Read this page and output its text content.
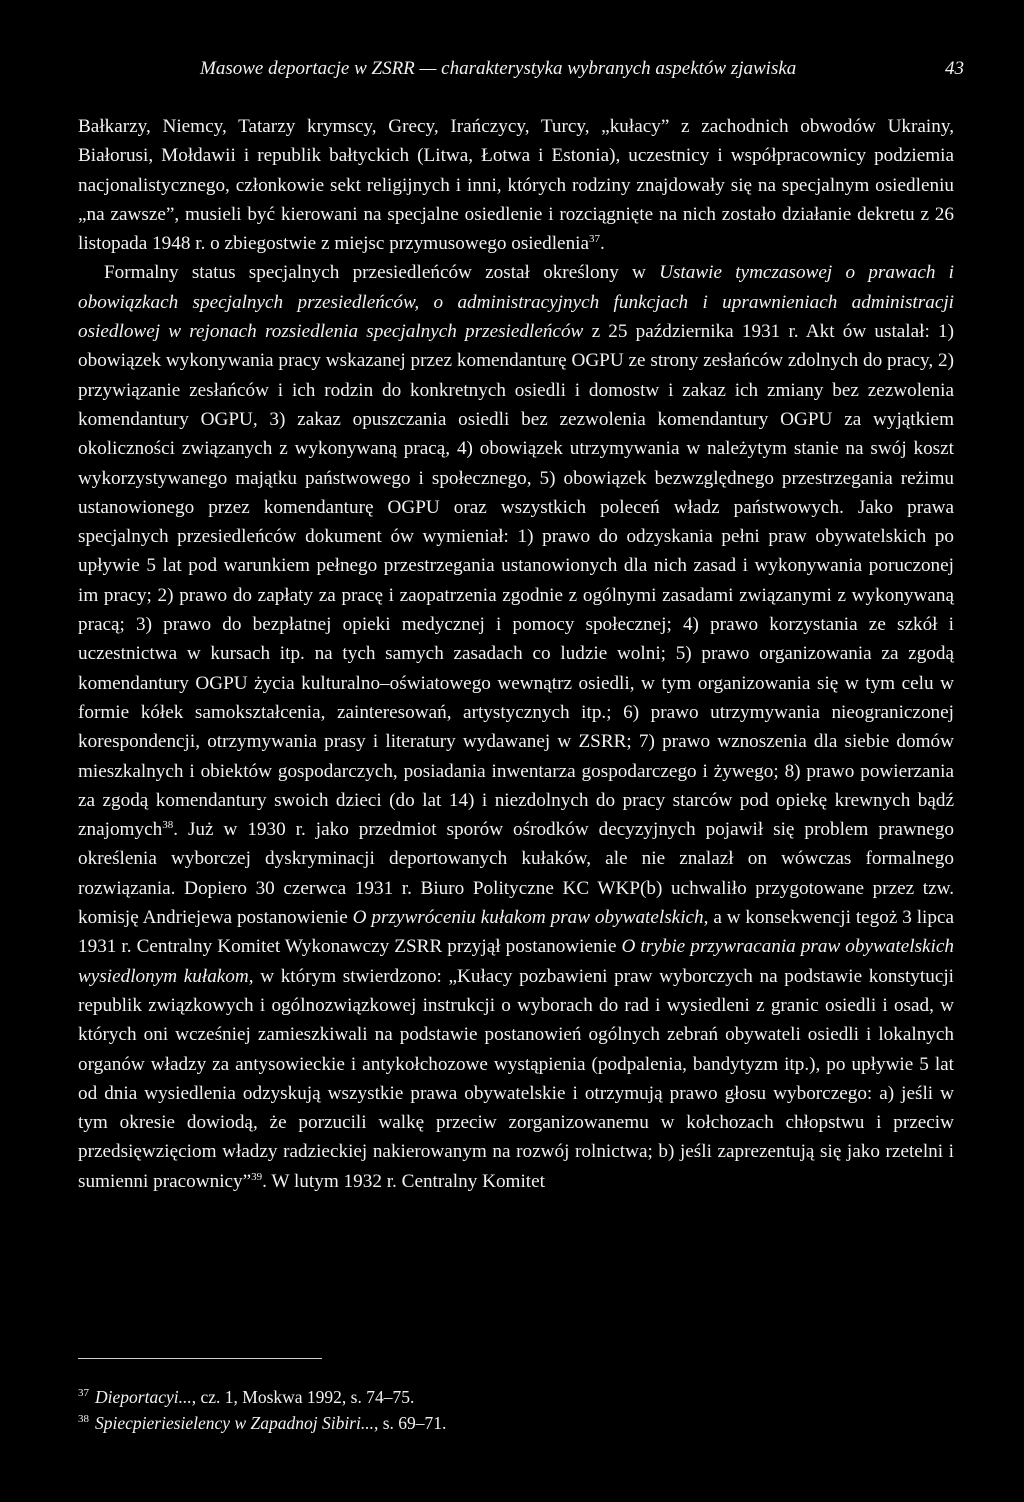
Masowe deportacje w ZSRR — charakterystyka wybranych aspektów zjawiska	43

Bałkarzy, Niemcy, Tatarzy krymscy, Grecy, Irańczycy, Turcy, „kułacy” z zachodnich obwodów Ukrainy, Białorusi, Mołdawii i republik bałtyckich (Litwa, Łotwa i Estonia), uczestnicy i współpracownicy podziemia nacjonalistycznego, członkowie sekt religijnych i inni, których rodziny znajdowały się na specjalnym osiedleniu „na zawsze”, musieli być kierowani na specjalne osiedlenie i rozciągnięte na nich zostało działanie dekretu z 26 listopada 1948 r. o zbiegostwie z miejsc przymusowego osiedlenia$^{37}$.

Formalny status specjalnych przesiedleńców został określony w Ustawie tymczasowej o prawach i obowiązkach specjalnych przesiedleńców, o administracyjnych funkcjach i uprawnieniach administracji osiedlowej w rejonach rozsiedlenia specjalnych przesiedleńców z 25 października 1931 r. Akt ów ustalał: 1) obowiązek wykonywania pracy wskazanej przez komendanturę OGPU ze strony zesłańców zdolnych do pracy, 2) przywiązanie zesłańców i ich rodzin do konkretnych osiedli i domostw i zakaz ich zmiany bez zezwolenia komendantury OGPU, 3) zakaz opuszczania osiedli bez zezwolenia komendantury OGPU za wyjątkiem okoliczności związanych z wykonywaną pracą, 4) obowiązek utrzymywania w należytym stanie na swój koszt wykorzystywanego majątku państwowego i społecznego, 5) obowiązek bezwzględnego przestrzegania reżimu ustanowionego przez komendanturę OGPU oraz wszystkich poleceń władz państwowych. Jako prawa specjalnych przesiedleńców dokument ów wymieniał: 1) prawo do odzyskania pełni praw obywatelskich po upływie 5 lat pod warunkiem pełnego przestrzegania ustanowionych dla nich zasad i wykonywania poruczonej im pracy; 2) prawo do zapłaty za pracę i zaopatrzenia zgodnie z ogólnymi zasadami związanymi z wykonywaną pracą; 3) prawo do bezpłatnej opieki medycznej i pomocy społecznej; 4) prawo korzystania ze szkół i uczestnictwa w kursach itp. na tych samych zasadach co ludzie wolni; 5) prawo organizowania za zgodą komendantury OGPU życia kulturalno–oświatowego wewnątrz osiedli, w tym organizowania się w tym celu w formie kółek samokształcenia, zainteresowań, artystycznych itp.; 6) prawo utrzymywania nieograniczonej korespondencji, otrzymywania prasy i literatury wydawanej w ZSRR; 7) prawo wznoszenia dla siebie domów mieszkalnych i obiektów gospodarczych, posiadania inwentarza gospodarczego i żywego; 8) prawo powierzania za zgodą komendantury swoich dzieci (do lat 14) i niezdolnych do pracy starców pod opiekę krewnych bądź znajomych$^{38}$. Już w 1930 r. jako przedmiot sporów ośrodków decyzyjnych pojawił się problem prawnego określenia wyborczej dyskryminacji deportowanych kułaków, ale nie znalazł on wówczas formalnego rozwiązania. Dopiero 30 czerwca 1931 r. Biuro Polityczne KC WKP(b) uchwaliło przygotowane przez tzw. komisję Andriejewa postanowienie O przywróceniu kułakom praw obywatelskich, a w konsekwencji tegoż 3 lipca 1931 r. Centralny Komitet Wykonawczy ZSRR przyjął postanowienie O trybie przywracania praw obywatelskich wysiedlonym kułakom, w którym stwierdzono: „Kułacy pozbawieni praw wyborczych na podstawie konstytucji republik związkowych i ogólnozwiązkowej instrukcji o wyborach do rad i wysiedleni z granic osiedli i osad, w których oni wcześniej zamieszkiwali na podstawie postanowień ogólnych zebrań obywateli osiedli i lokalnych organów władzy za antysowieckie i antykołchozowe wystąpienia (podpalenia, bandytyzm itp.), po upływie 5 lat od dnia wysiedlenia odzyskują wszystkie prawa obywatelskie i otrzymują prawo głosu wyborczego: a) jeśli w tym okresie dowiodą, że porzucili walkę przeciw zorganizowanemu w kołchozach chłopstwu i przeciw przedsięwzięciom władzy radzieckiej nakierowanym na rozwój rolnictwa; b) jeśli zaprezentują się jako rzetelni i sumienni pracownicy”$^{39}$. W lutym 1932 r. Centralny Komitet

37 Dieportacyi..., cz. 1, Moskwa 1992, s. 74–75.
38 Spiecpieriesielency w Zapadnoj Sibiri..., s. 69–71.
